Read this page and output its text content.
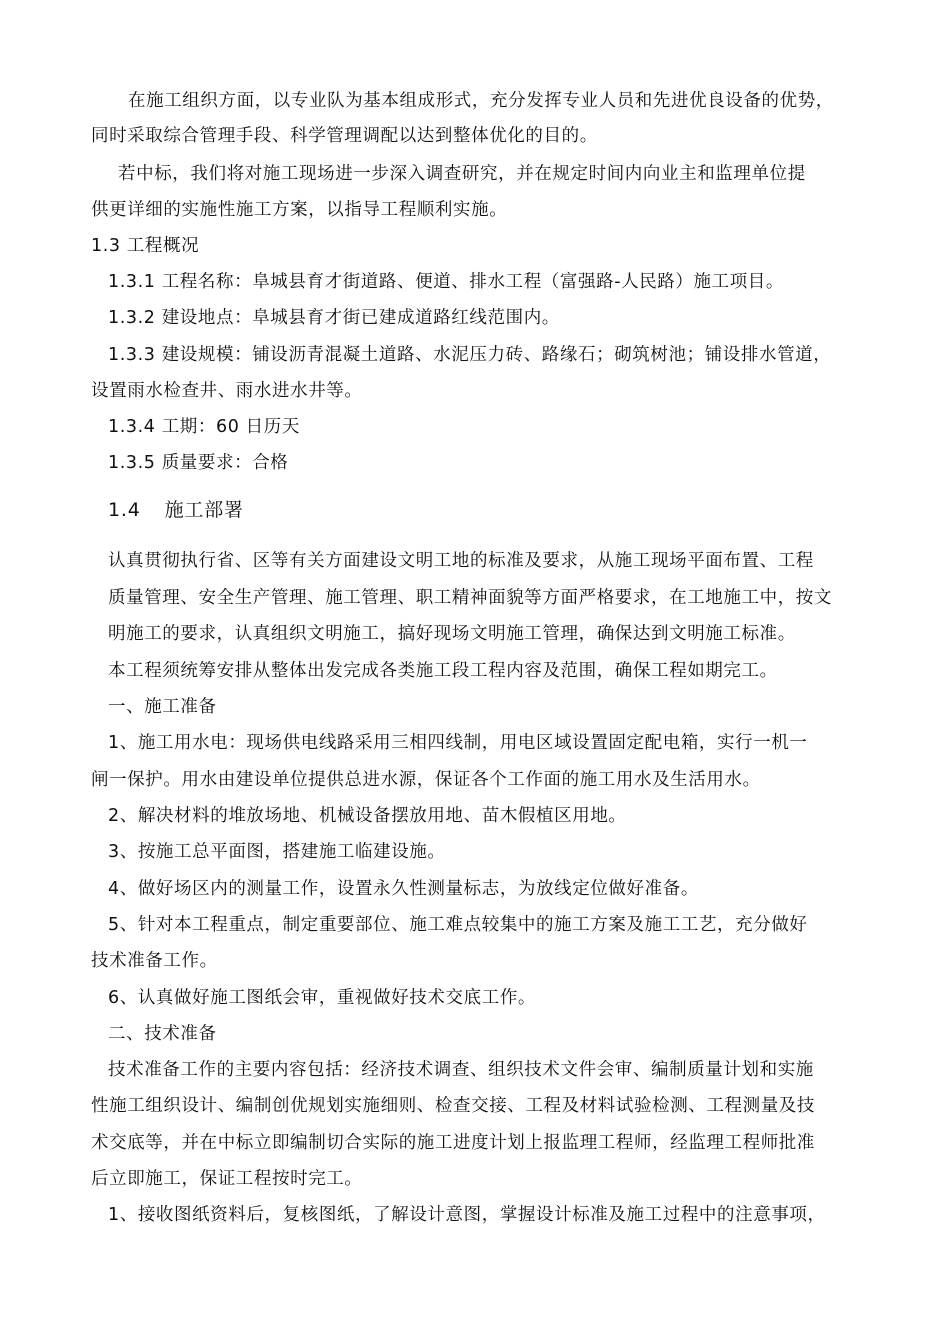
在施工组织方面，以专业队为基本组成形式，充分发挥专业人员和先进优良设备的优势，
同时采取综合管理手段、科学管理调配以达到整体优化的目的。
若中标，我们将对施工现场进一步深入调查研究，并在规定时间内向业主和监理单位提
供更详细的实施性施工方案，以指导工程顺利实施。
1.3 工程概况
1.3.1 工程名称：阜城县育才街道路、便道、排水工程（富强路-人民路）施工项目。
1.3.2 建设地点：阜城县育才街已建成道路红线范围内。
1.3.3 建设规模：铺设沥青混凝土道路、水泥压力砖、路缘石；砌筑树池；铺设排水管道，
设置雨水检查井、雨水进水井等。
1.3.4 工期：60 日历天
1.3.5 质量要求：合格
1.4 施工部署
认真贯彻执行省、区等有关方面建设文明工地的标准及要求，从施工现场平面布置、工程
质量管理、安全生产管理、施工管理、职工精神面貌等方面严格要求，在工地施工中，按文
明施工的要求，认真组织文明施工，搞好现场文明施工管理，确保达到文明施工标准。
本工程须统筹安排从整体出发完成各类施工段工程内容及范围，确保工程如期完工。
一、施工准备
1、施工用水电：现场供电线路采用三相四线制，用电区域设置固定配电箱，实行一机一
闸一保护。用水由建设单位提供总进水源，保证各个工作面的施工用水及生活用水。
2、解决材料的堆放场地、机械设备摆放用地、苗木假植区用地。
3、按施工总平面图，搭建施工临建设施。
4、做好场区内的测量工作，设置永久性测量标志，为放线定位做好准备。
5、针对本工程重点，制定重要部位、施工难点较集中的施工方案及施工工艺，充分做好
技术准备工作。
6、认真做好施工图纸会审，重视做好技术交底工作。
二、技术准备
技术准备工作的主要内容包括：经济技术调查、组织技术文件会审、编制质量计划和实施
性施工组织设计、编制创优规划实施细则、检查交接、工程及材料试验检测、工程测量及技
术交底等，并在中标立即编制切合实际的施工进度计划上报监理工程师，经监理工程师批准
后立即施工，保证工程按时完工。
1、接收图纸资料后，复核图纸，了解设计意图，掌握设计标准及施工过程中的注意事项，
